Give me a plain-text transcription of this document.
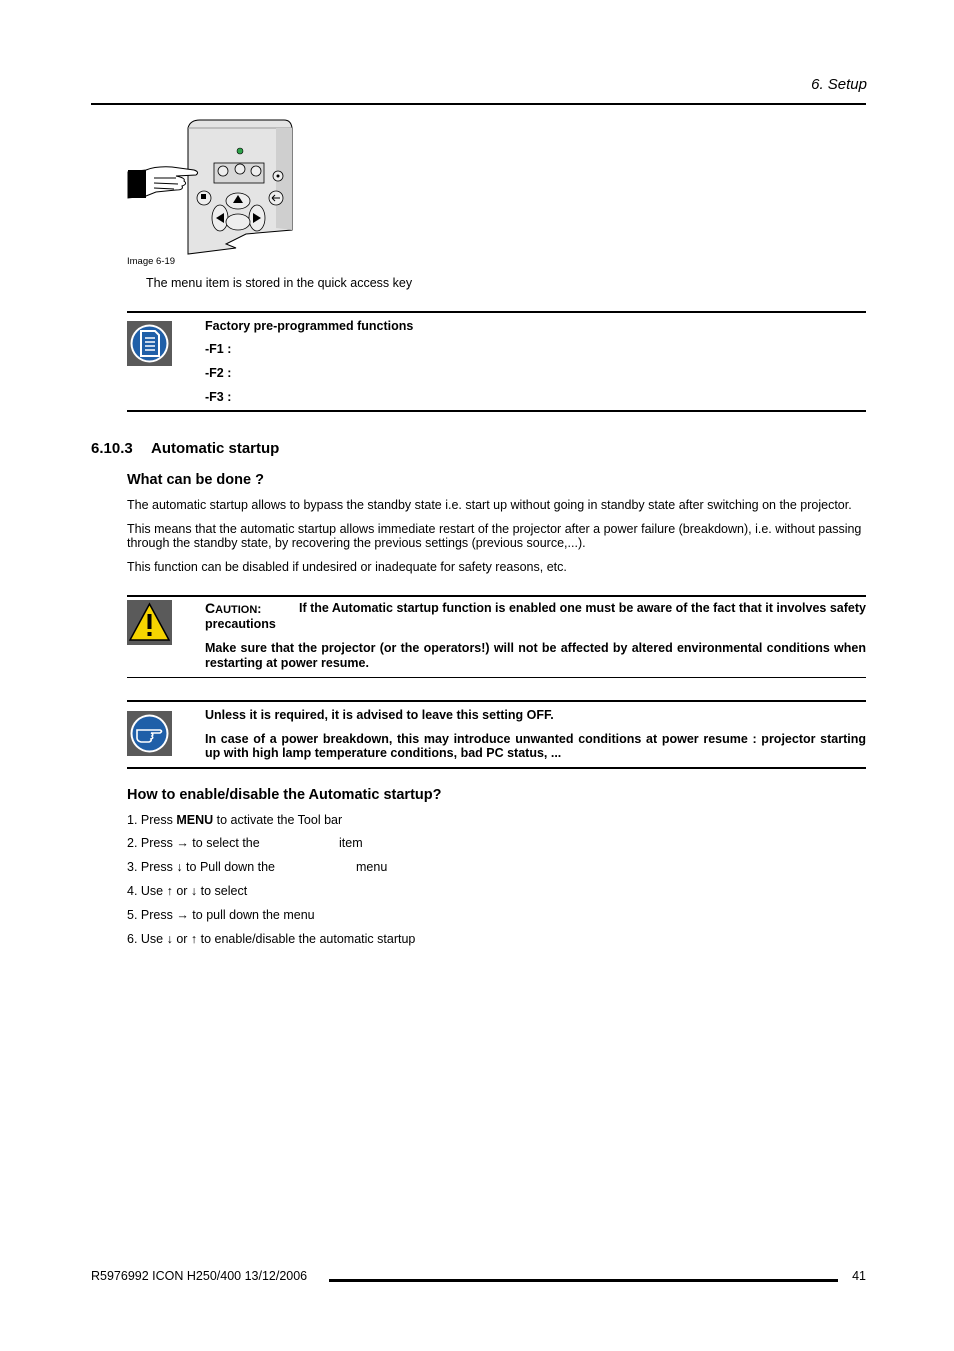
6. Setup
Image 6-19
The menu item is stored in the quick access key
Factory pre-programmed functions
-F1 :
-F2 :
-F3 :
6.10.3 Automatic startup
What can be done ?
The automatic startup allows to bypass the standby state i.e. start up without going in standby state after switching on the projector.
This means that the automatic startup allows immediate restart of the projector after a power failure (breakdown), i.e. without passing
through the standby state, by recovering the previous settings (previous source,...).
This function can be disabled if undesired or inadequate for safety reasons, etc.
CAUTION:	If the Automatic startup function is enabled one must be aware of the fact that it involves safety
precautions
Make sure that the projector (or the operators!) will not be affected by altered environmental conditions when
restarting at power resume.
Unless it is required, it is advised to leave this setting OFF.
In case of a power breakdown, this may introduce unwanted conditions at power resume : projector starting
up with high lamp temperature conditions, bad PC status, ...
How to enable/disable the Automatic startup?
1. Press MENU to activate the Tool bar
2. Press → to select the	item
3. Press ↓ to Pull down the	menu
4. Use ↑ or ↓ to select
5. Press → to pull down the menu
6. Use ↓ or ↑ to enable/disable the automatic startup
R5976992 ICON H250/400 13/12/2006	41
